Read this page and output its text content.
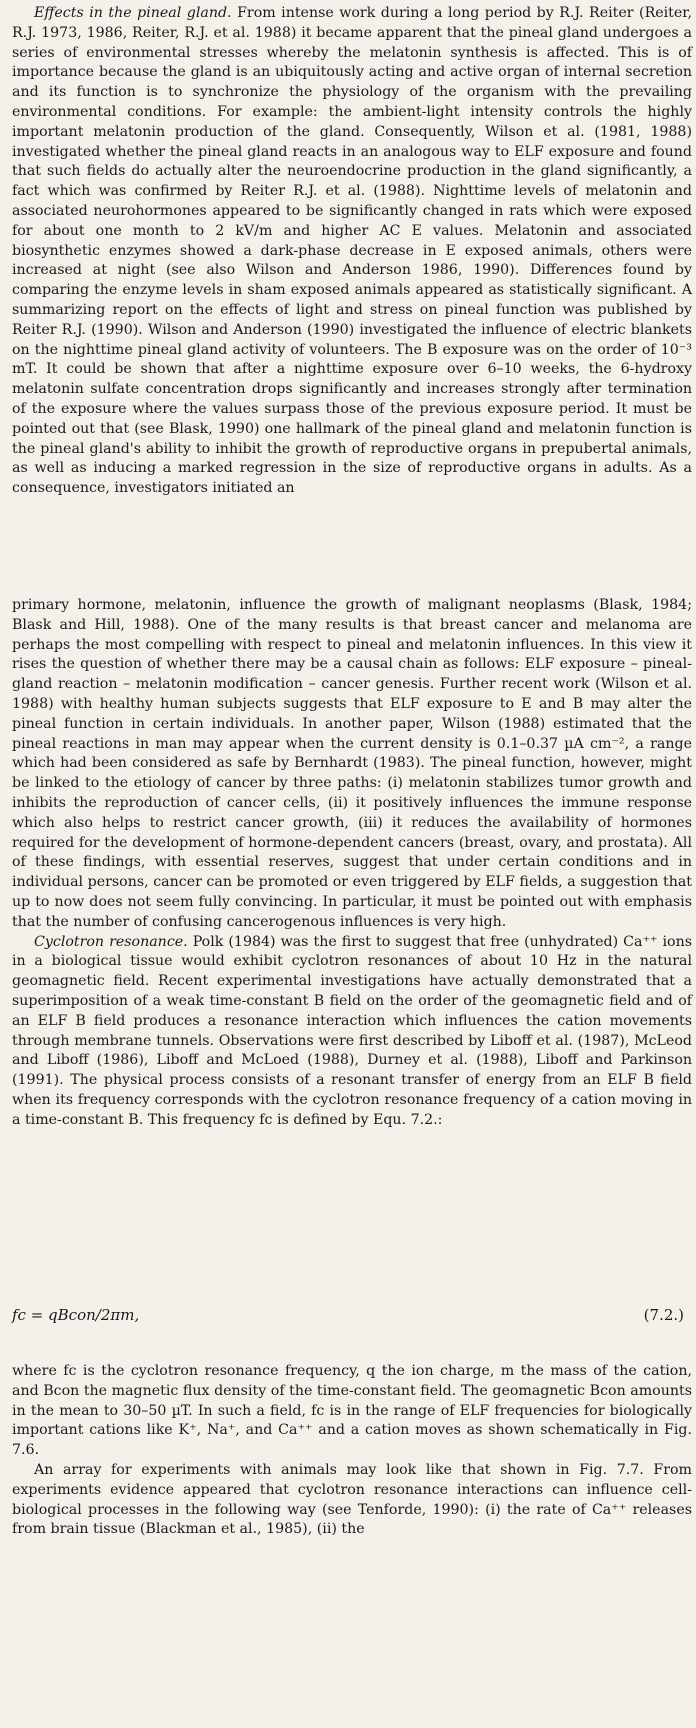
Effects in the pineal gland. From intense work during a long period by R.J. Reiter (Reiter, R.J. 1973, 1986, Reiter, R.J. et al. 1988) it became apparent that the pineal gland undergoes a series of environmental stresses whereby the melatonin synthesis is affected. This is of importance because the gland is an ubiquitously acting and active organ of internal secretion and its function is to synchronize the physiology of the organism with the prevailing environmental conditions. For example: the ambient-light intensity controls the highly important melatonin production of the gland. Consequently, Wilson et al. (1981, 1988) investigated whether the pineal gland reacts in an analogous way to ELF exposure and found that such fields do actually alter the neuroendocrine production in the gland significantly, a fact which was confirmed by Reiter R.J. et al. (1988). Nighttime levels of melatonin and associated neurohormones appeared to be significantly changed in rats which were exposed for about one month to 2 kV/m and higher AC E values. Melatonin and associated biosynthetic enzymes showed a dark-phase decrease in E exposed animals, others were increased at night (see also Wilson and Anderson 1986, 1990). Differences found by comparing the enzyme levels in sham exposed animals appeared as statistically significant. A summarizing report on the effects of light and stress on pineal function was published by Reiter R.J. (1990). Wilson and Anderson (1990) investigated the influence of electric blankets on the nighttime pineal gland activity of volunteers. The B exposure was on the order of 10⁻³ mT. It could be shown that after a nighttime exposure over 6–10 weeks, the 6-hydroxy melatonin sulfate concentration drops significantly and increases strongly after termination of the exposure where the values surpass those of the previous exposure period. It must be pointed out that (see Blask, 1990) one hallmark of the pineal gland and melatonin function is the pineal gland's ability to inhibit the growth of reproductive organs in prepubertal animals, as well as inducing a marked regression in the size of reproductive organs in adults. As a consequence, investigators initiated an

primary hormone, melatonin, influence the growth of malignant neoplasms (Blask, 1984; Blask and Hill, 1988). One of the many results is that breast cancer and melanoma are perhaps the most compelling with respect to pineal and melatonin influences. In this view it rises the question of whether there may be a causal chain as follows: ELF exposure – pineal-gland reaction – melatonin modification – cancer genesis. Further recent work (Wilson et al. 1988) with healthy human subjects suggests that ELF exposure to E and B may alter the pineal function in certain individuals. In another paper, Wilson (1988) estimated that the pineal reactions in man may appear when the current density is 0.1–0.37 µA cm⁻², a range which had been considered as safe by Bernhardt (1983). The pineal function, however, might be linked to the etiology of cancer by three paths: (i) melatonin stabilizes tumor growth and inhibits the reproduction of cancer cells, (ii) it positively influences the immune response which also helps to restrict cancer growth, (iii) it reduces the availability of hormones required for the development of hormone-dependent cancers (breast, ovary, and prostata). All of these findings, with essential reserves, suggest that under certain conditions and in individual persons, cancer can be promoted or even triggered by ELF fields, a suggestion that up to now does not seem fully convincing. In particular, it must be pointed out with emphasis that the number of confusing cancerogenous influences is very high.

Cyclotron resonance. Polk (1984) was the first to suggest that free (unhydrated) Ca⁺⁺ ions in a biological tissue would exhibit cyclotron resonances of about 10 Hz in the natural geomagnetic field. Recent experimental investigations have actually demonstrated that a superimposition of a weak time-constant B field on the order of the geomagnetic field and of an ELF B field produces a resonance interaction which influences the cation movements through membrane tunnels. Observations were first described by Liboff et al. (1987), McLeod and Liboff (1986), Liboff and McLoed (1988), Durney et al. (1988), Liboff and Parkinson (1991). The physical process consists of a resonant transfer of energy from an ELF B field when its frequency corresponds with the cyclotron resonance frequency of a cation moving in a time-constant B. This frequency fc is defined by Equ. 7.2.:

fc = qBcon/2πm,	(7.2.)

where fc is the cyclotron resonance frequency, q the ion charge, m the mass of the cation, and Bcon the magnetic flux density of the time-constant field. The geomagnetic Bcon amounts in the mean to 30–50 µT. In such a field, fc is in the range of ELF frequencies for biologically important cations like K⁺, Na⁺, and Ca⁺⁺ and a cation moves as shown schematically in Fig. 7.6.

An array for experiments with animals may look like that shown in Fig. 7.7. From experiments evidence appeared that cyclotron resonance interactions can influence cell-biological processes in the following way (see Tenforde, 1990): (i) the rate of Ca⁺⁺ releases from brain tissue (Blackman et al., 1985), (ii) the
